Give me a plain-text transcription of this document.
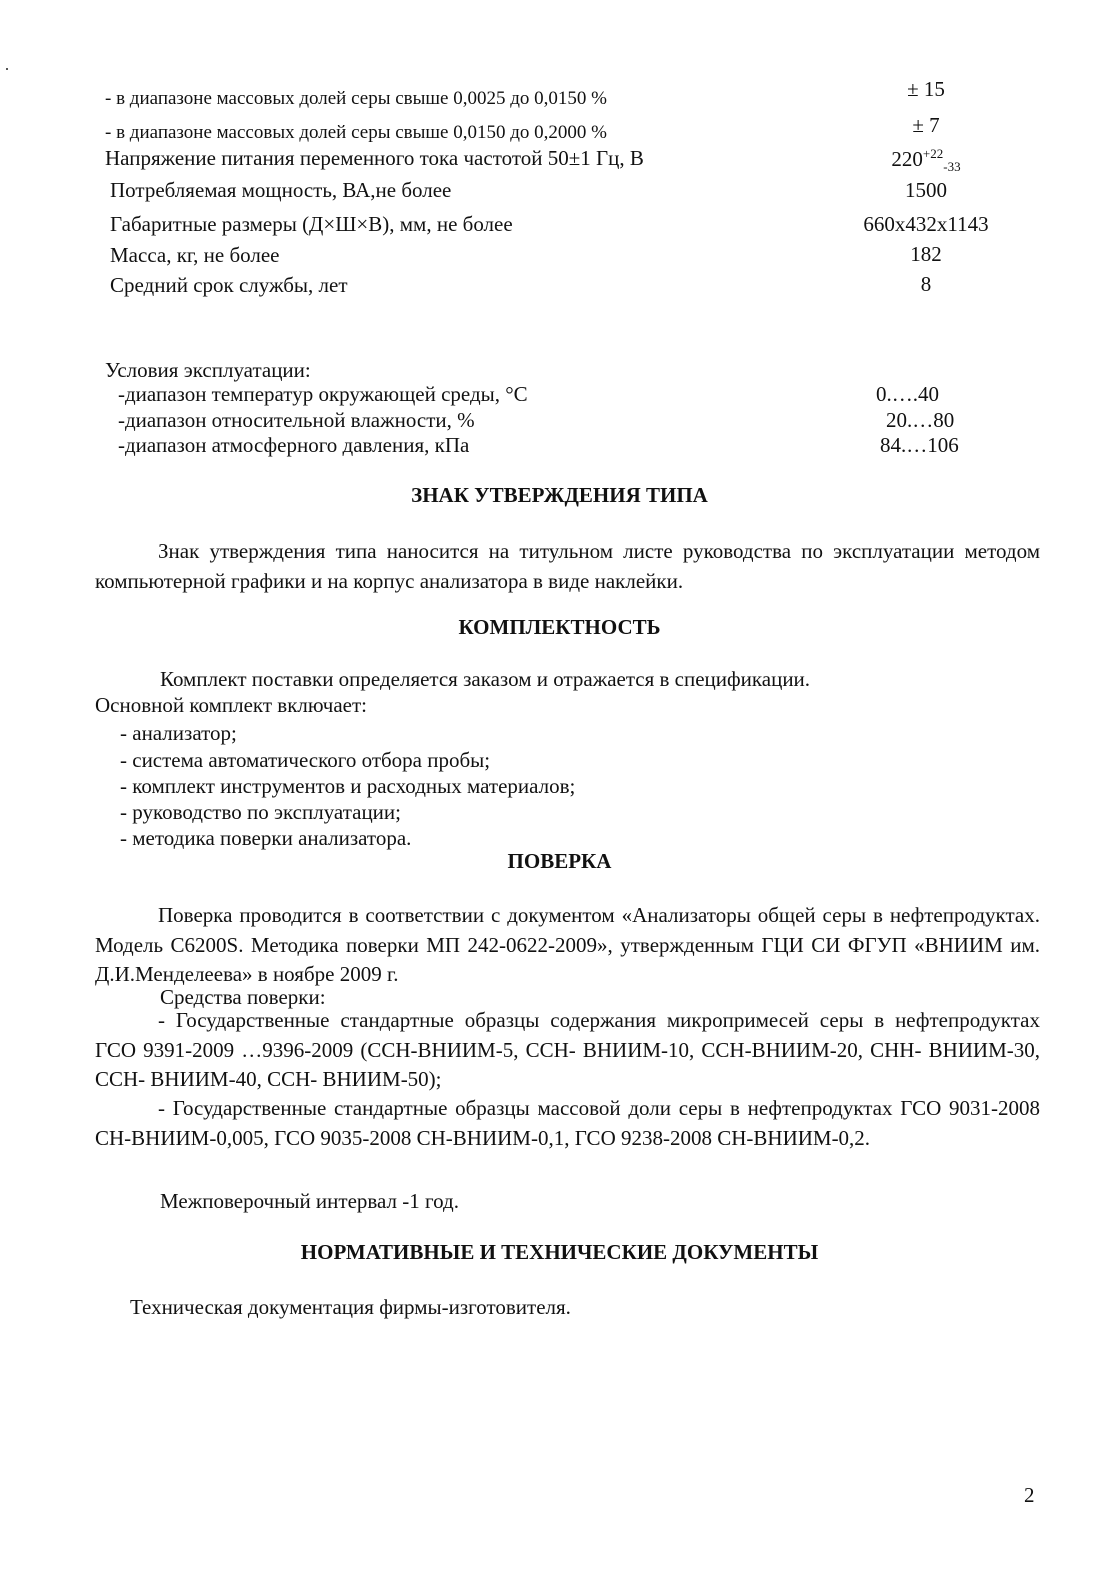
- в диапазоне массовых долей серы свыше 0,0025 до 0,0150 %	± 15
- в диапазоне массовых долей серы свыше 0,0150 до 0,2000 %	± 7
Напряжение питания переменного тока частотой 50±1 Гц, В	$220^{+22}_{-33}$
Потребляемая мощность, ВА,не более	1500
Габаритные размеры (Д×Ш×В), мм, не более	660x432x1143
Масса, кг, не более	182
Средний срок службы, лет	8
Условия эксплуатации:
-диапазон температур окружающей среды, °С	0.….40
-диапазон относительной влажности, %	20.…80
-диапазон атмосферного давления, кПа	84.…106
ЗНАК УТВЕРЖДЕНИЯ ТИПА
Знак утверждения типа наносится на титульном листе руководства по эксплуатации методом компьютерной графики и на корпус анализатора в виде наклейки.
КОМПЛЕКТНОСТЬ
Комплект поставки определяется заказом и отражается в спецификации.
Основной комплект включает:
- анализатор;
- система автоматического отбора пробы;
- комплект инструментов и расходных материалов;
- руководство по эксплуатации;
- методика поверки анализатора.
ПОВЕРКА
Поверка проводится в соответствии с документом «Анализаторы общей серы в нефтепродуктах. Модель С6200S. Методика поверки МП 242-0622-2009», утвержденным ГЦИ СИ ФГУП «ВНИИМ им. Д.И.Менделеева» в ноябре 2009 г.
Средства поверки:
- Государственные стандартные образцы содержания микропримесей серы в нефтепродуктах ГСО 9391-2009 …9396-2009 (ССН-ВНИИМ-5, ССН- ВНИИМ-10, ССН-ВНИИМ-20, СНН- ВНИИМ-30, ССН- ВНИИМ-40, ССН- ВНИИМ-50);
- Государственные стандартные образцы массовой доли серы в нефтепродуктах ГСО 9031-2008 СН-ВНИИМ-0,005, ГСО 9035-2008 СН-ВНИИМ-0,1, ГСО 9238-2008 СН-ВНИИМ-0,2.
Межповерочный интервал -1 год.
НОРМАТИВНЫЕ И ТЕХНИЧЕСКИЕ ДОКУМЕНТЫ
Техническая документация фирмы-изготовителя.
2
